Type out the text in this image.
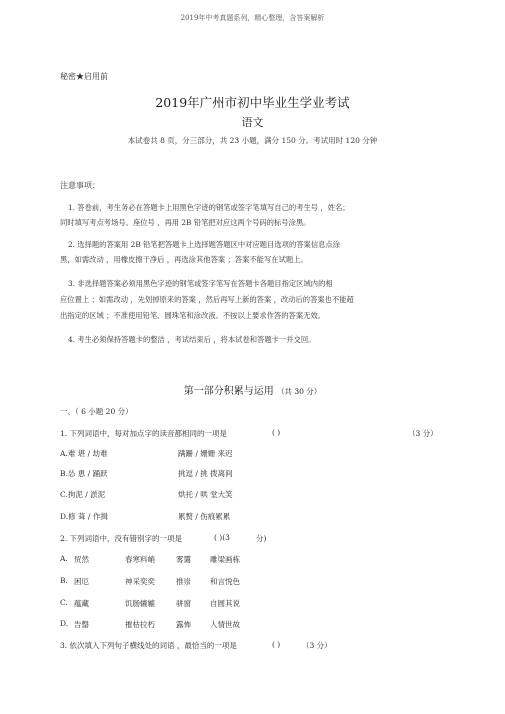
2019年中考真题系列，精心整理，含答案解析
秘密★启用前
2019年广州市初中毕业生学业考试
语文
本试卷共 8 页，分三部分，共 23 小题，满分 150 分。考试用时 120 分钟
注意事项：
1. 答卷前，考生务必在答题卡上用黑色字迹的钢笔或签字笔填写自己的考生号 ，姓名；
同时填写考点考场号、座位号 ，再用 2B 铅笔把对应这两个号码的标号涂黑。
2. 选择题的答案用 2B 铅笔把答题卡上选择题答题区中对应题目选项的答案信息点涂
黑，如需改动 ，用橡皮擦干净后 ，再选涂其他答案 ；答案不能写在试题上。
3. 非选择题答案必须用黑色字迹的钢笔或签字笔写在答题卡各题目指定区域内的相
应位置上 ；如需改动 ，先划掉原来的答案 ，然后再写上新的答案 ，改动后的答案也不能超
出指定的区域 ；不准使用铅笔、圆珠笔和涂改液。不按以上要求作答的答案无效。
4. 考生必须保持答题卡的整洁 ，考试结束后 ，将本试卷和答题卡一并交回。
第一部分积累与运用 （共 30 分）
一、（ 6 小题 20 分）
1. 下列词语中，每对加点字的读音都相同的一项是	( )	（3 分）
A.难 堪 / 劫难	蹒跚 / 姗姗 来迟
B.怂 恿 / 踊跃	挑逗 / 挑 拨离间
C.拘泥 / 淤泥	烘托 / 哄 堂大笑
D.修 葺 / 作揖	累赘 / 伤痕累累
2. 下列词语中，没有错别字的一项是	( )(3	分)
A. 贸然	春寒料峭	雾霭	雕梁画栋
B. 困厄	神采奕奕	推崇	和言悦色
C. 蕴藏	饥肠辘辘	骈窗	自圆其说
D. 告罄	摧枯拉朽	露怖	人情世故
3. 依次填入下列句子横线处的词语 ，最恰当的一项是	( )	（3 分）
